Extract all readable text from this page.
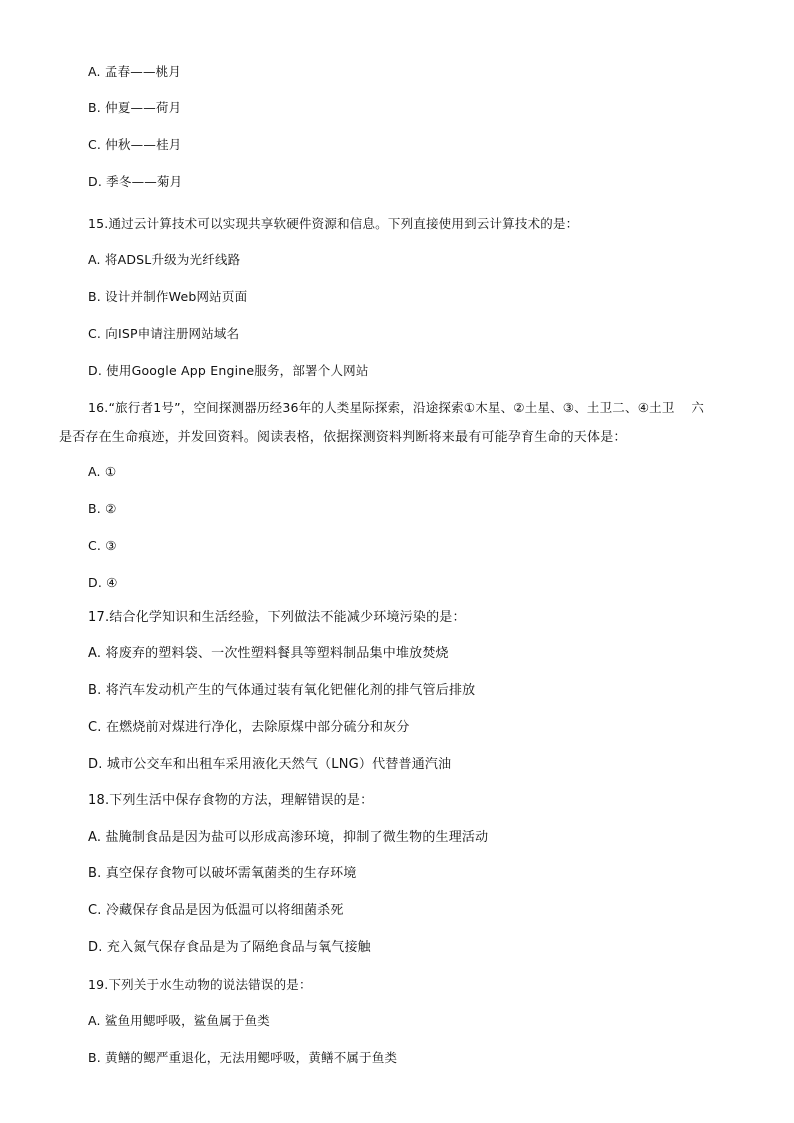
A. 孟春——桃月
B. 仲夏——荷月
C. 仲秋——桂月
D. 季冬——菊月
15.通过云计算技术可以实现共享软硬件资源和信息。下列直接使用到云计算技术的是：
A. 将ADSL升级为光纤线路
B. 设计并制作Web网站页面
C. 向ISP申请注册网站域名
D. 使用Google App Engine服务，部署个人网站
16.“旅行者1号”，空间探测器历经36年的人类星际探索，沿途探索①木星、②土星、③、土卫二、④土卫　 六
是否存在生命痕迹，并发回资料。阅读表格，依据探测资料判断将来最有可能孕育生命的天体是：
A. ①
B. ②
C. ③
D. ④
17.结合化学知识和生活经验，下列做法不能减少环境污染的是：
A. 将废弃的塑料袋、一次性塑料餐具等塑料制品集中堆放焚烧
B. 将汽车发动机产生的气体通过装有氧化钯催化剂的排气管后排放
C. 在燃烧前对煤进行净化，去除原煤中部分硫分和灰分
D. 城市公交车和出租车采用液化天然气（LNG）代替普通汽油
18.下列生活中保存食物的方法，理解错误的是：
A. 盐腌制食品是因为盐可以形成高渗环境，抑制了微生物的生理活动
B. 真空保存食物可以破坏需氧菌类的生存环境
C. 冷藏保存食品是因为低温可以将细菌杀死
D. 充入氮气保存食品是为了隔绝食品与氧气接触
19.下列关于水生动物的说法错误的是：
A. 鲨鱼用鳃呼吸，鲨鱼属于鱼类
B. 黄鳝的鳃严重退化，无法用鳃呼吸，黄鳝不属于鱼类
